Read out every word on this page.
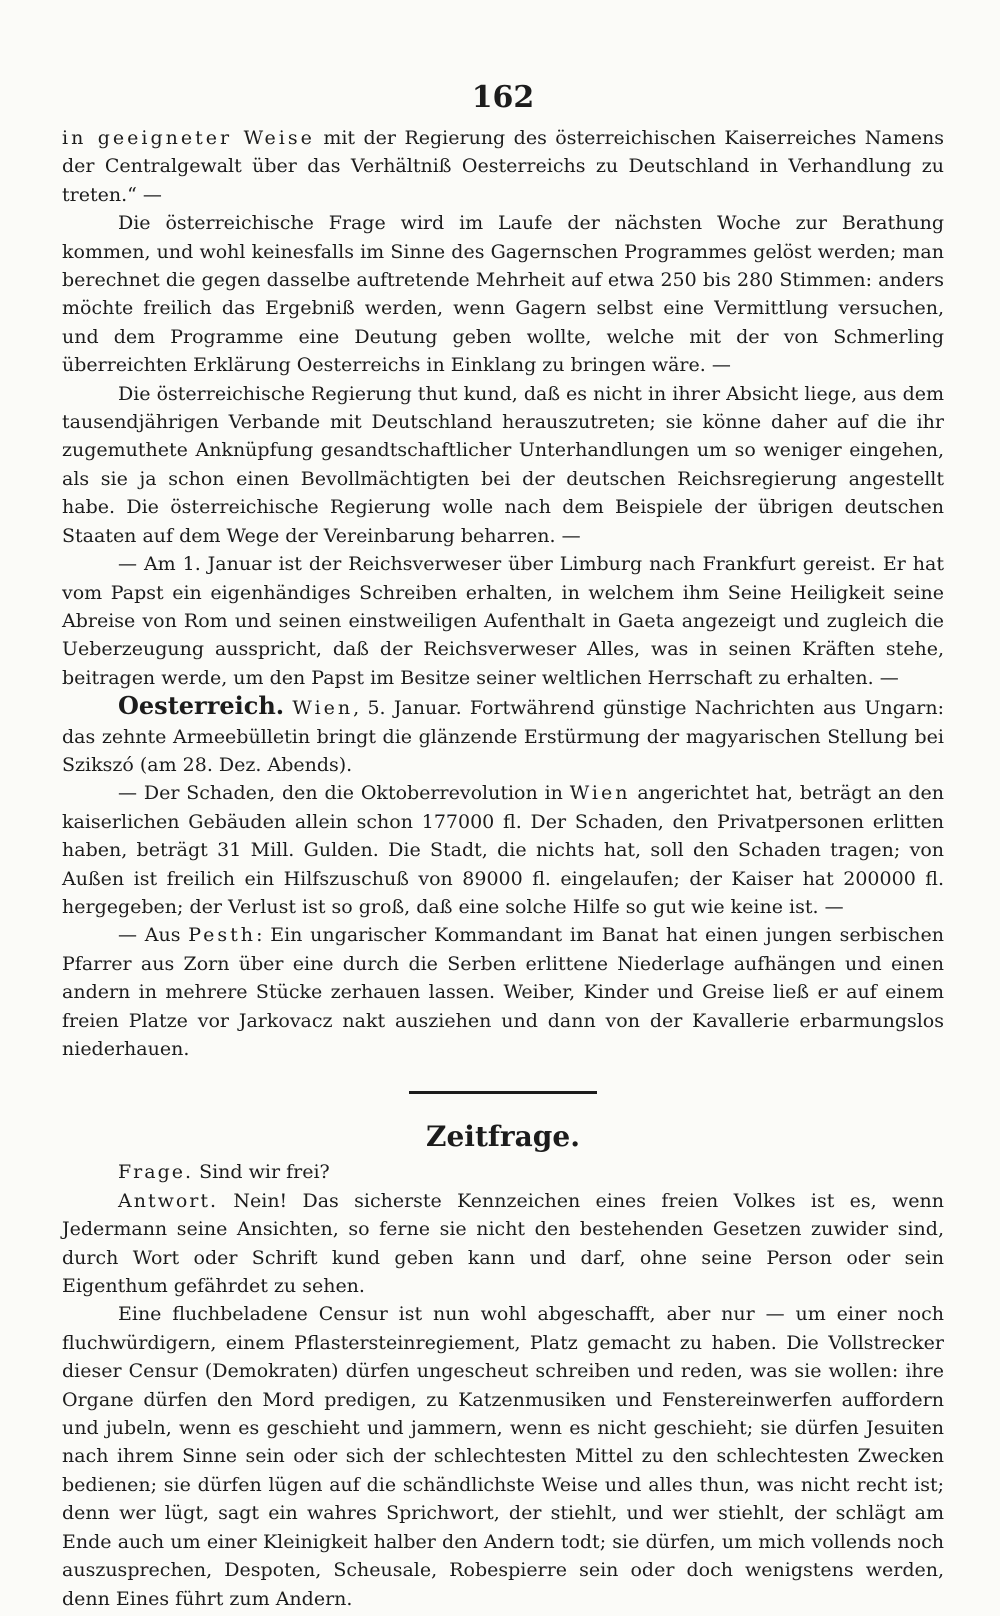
162

in geeigneter Weise mit der Regierung des österreichischen Kaiserreiches Namens der Centralgewalt über das Verhältniß Oesterreichs zu Deutschland in Verhandlung zu treten.“ —

Die österreichische Frage wird im Laufe der nächsten Woche zur Berathung kommen, und wohl keinesfalls im Sinne des Gagernschen Programmes gelöst werden; man berechnet die gegen dasselbe auftretende Mehrheit auf etwa 250 bis 280 Stimmen: anders möchte freilich das Ergebniß werden, wenn Gagern selbst eine Vermittlung versuchen, und dem Programme eine Deutung geben wollte, welche mit der von Schmerling überreichten Erklärung Oesterreichs in Einklang zu bringen wäre. —

Die österreichische Regierung thut kund, daß es nicht in ihrer Absicht liege, aus dem tausendjährigen Verbande mit Deutschland herauszutreten; sie könne daher auf die ihr zugemuthete Anknüpfung gesandtschaftlicher Unterhandlungen um so weniger eingehen, als sie ja schon einen Bevollmächtigten bei der deutschen Reichsregierung angestellt habe. Die österreichische Regierung wolle nach dem Beispiele der übrigen deutschen Staaten auf dem Wege der Vereinbarung beharren. —

— Am 1. Januar ist der Reichsverweser über Limburg nach Frankfurt gereist. Er hat vom Papst ein eigenhändiges Schreiben erhalten, in welchem ihm Seine Heiligkeit seine Abreise von Rom und seinen einstweiligen Aufenthalt in Gaeta angezeigt und zugleich die Ueberzeugung ausspricht, daß der Reichsverweser Alles, was in seinen Kräften stehe, beitragen werde, um den Papst im Besitze seiner weltlichen Herrschaft zu erhalten. —

Oesterreich. Wien, 5. Januar. Fortwährend günstige Nachrichten aus Ungarn: das zehnte Armeebülletin bringt die glänzende Erstürmung der magyarischen Stellung bei Szikszó (am 28. Dez. Abends).

— Der Schaden, den die Oktoberrevolution in Wien angerichtet hat, beträgt an den kaiserlichen Gebäuden allein schon 177000 fl. Der Schaden, den Privatpersonen erlitten haben, beträgt 31 Mill. Gulden. Die Stadt, die nichts hat, soll den Schaden tragen; von Außen ist freilich ein Hilfszuschuß von 89000 fl. eingelaufen; der Kaiser hat 200000 fl. hergegeben; der Verlust ist so groß, daß eine solche Hilfe so gut wie keine ist. —

— Aus Pesth: Ein ungarischer Kommandant im Banat hat einen jungen serbischen Pfarrer aus Zorn über eine durch die Serben erlittene Niederlage aufhängen und einen andern in mehrere Stücke zerhauen lassen. Weiber, Kinder und Greise ließ er auf einem freien Platze vor Jarkovacz nakt ausziehen und dann von der Kavallerie erbarmungslos niederhauen.

Zeitfrage.

Frage. Sind wir frei?

Antwort. Nein! Das sicherste Kennzeichen eines freien Volkes ist es, wenn Jedermann seine Ansichten, so ferne sie nicht den bestehenden Gesetzen zuwider sind, durch Wort oder Schrift kund geben kann und darf, ohne seine Person oder sein Eigenthum gefährdet zu sehen.

Eine fluchbeladene Censur ist nun wohl abgeschafft, aber nur — um einer noch fluchwürdigern, einem Pflastersteinregiement, Platz gemacht zu haben. Die Vollstrecker dieser Censur (Demokraten) dürfen ungescheut schreiben und reden, was sie wollen: ihre Organe dürfen den Mord predigen, zu Katzenmusiken und Fenstereinwerfen auffordern und jubeln, wenn es geschieht und jammern, wenn es nicht geschieht; sie dürfen Jesuiten nach ihrem Sinne sein oder sich der schlechtesten Mittel zu den schlechtesten Zwecken bedienen; sie dürfen lügen auf die schändlichste Weise und alles thun, was nicht recht ist; denn wer lügt, sagt ein wahres Sprichwort, der stiehlt, und wer stiehlt, der schlägt am Ende auch um einer Kleinigkeit halber den Andern todt; sie dürfen, um mich vollends noch auszusprechen, Despoten, Scheusale, Robespierre sein oder doch wenigstens werden, denn Eines führt zum Andern.
